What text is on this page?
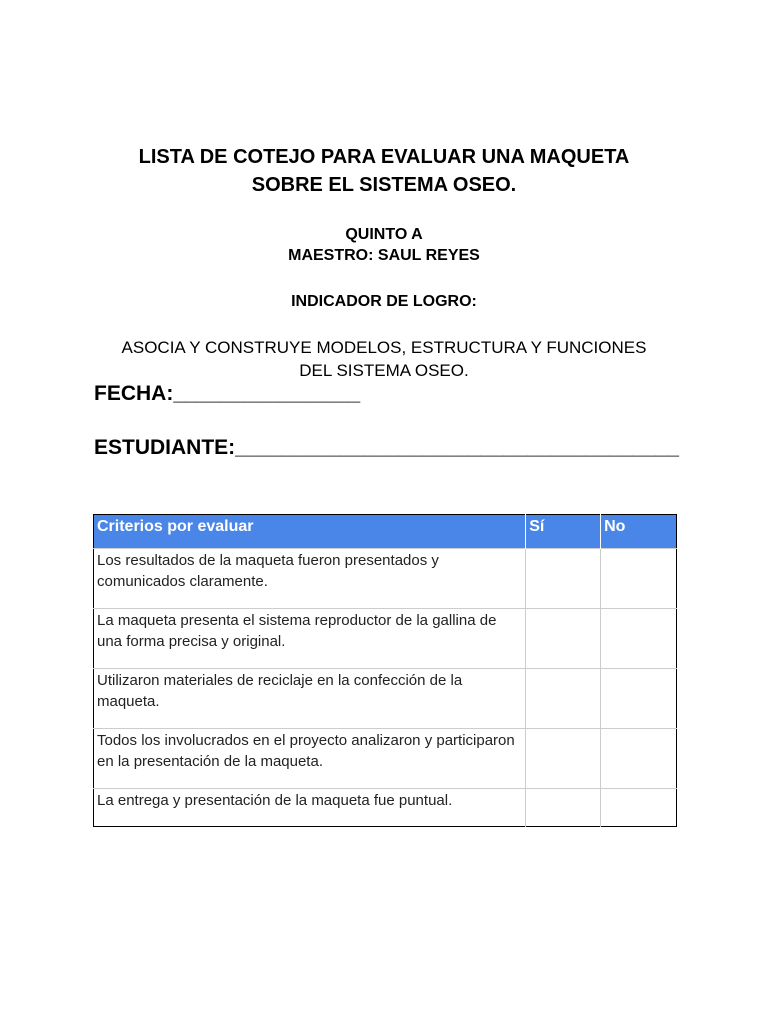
LISTA DE COTEJO PARA EVALUAR UNA MAQUETA
SOBRE EL SISTEMA OSEO.
QUINTO A
MAESTRO: SAUL REYES
INDICADOR DE LOGRO:
ASOCIA Y CONSTRUYE MODELOS, ESTRUCTURA Y FUNCIONES
DEL SISTEMA OSEO.
FECHA:________________
ESTUDIANTE:______________________________________
Criterios por evaluar	Sí	No
Los resultados de la maqueta fueron presentados y comunicados claramente.		
La maqueta presenta el sistema reproductor de la gallina de una forma precisa y original.		
Utilizaron materiales de reciclaje en la confección de la maqueta.		
Todos los involucrados en el proyecto analizaron y participaron en la presentación de la maqueta.		
La entrega y presentación de la maqueta fue puntual.		
